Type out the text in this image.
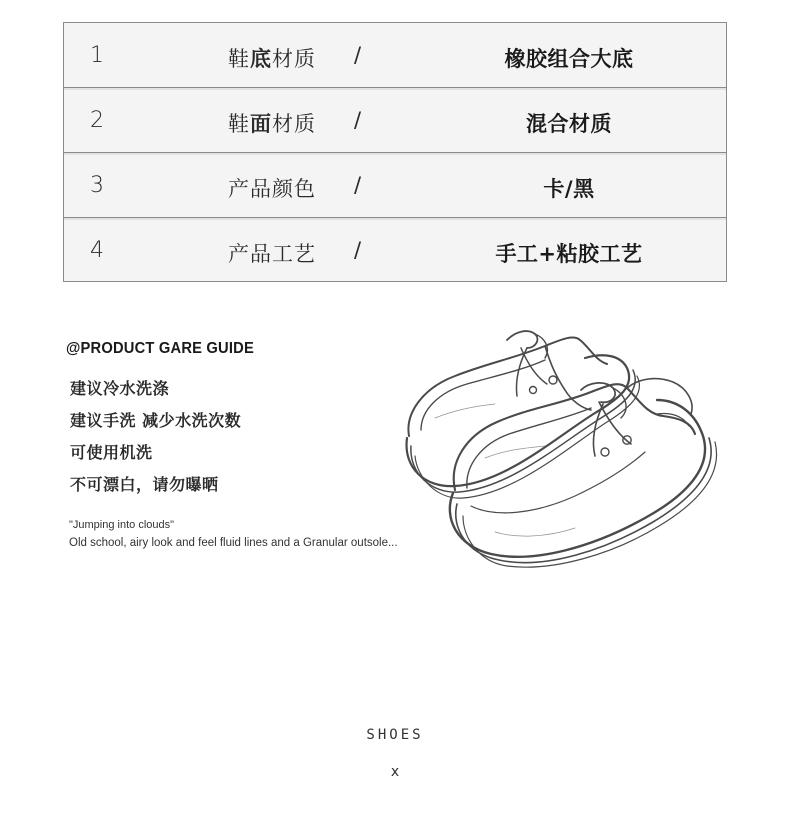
1	鞋底材质 /	橡胶组合大底
2	鞋面材质 /	混合材质
3	产品颜色 /	卡/黑
4	产品工艺 /	手工+粘胶工艺
@PRODUCT GARE GUIDE
建议冷水洗涤
建议手洗 减少水洗次数
可使用机洗
不可漂白，请勿曝晒
"Jumping into clouds"
Old school, airy look and feel fluid lines and a Granular outsole...
SHOES
x
